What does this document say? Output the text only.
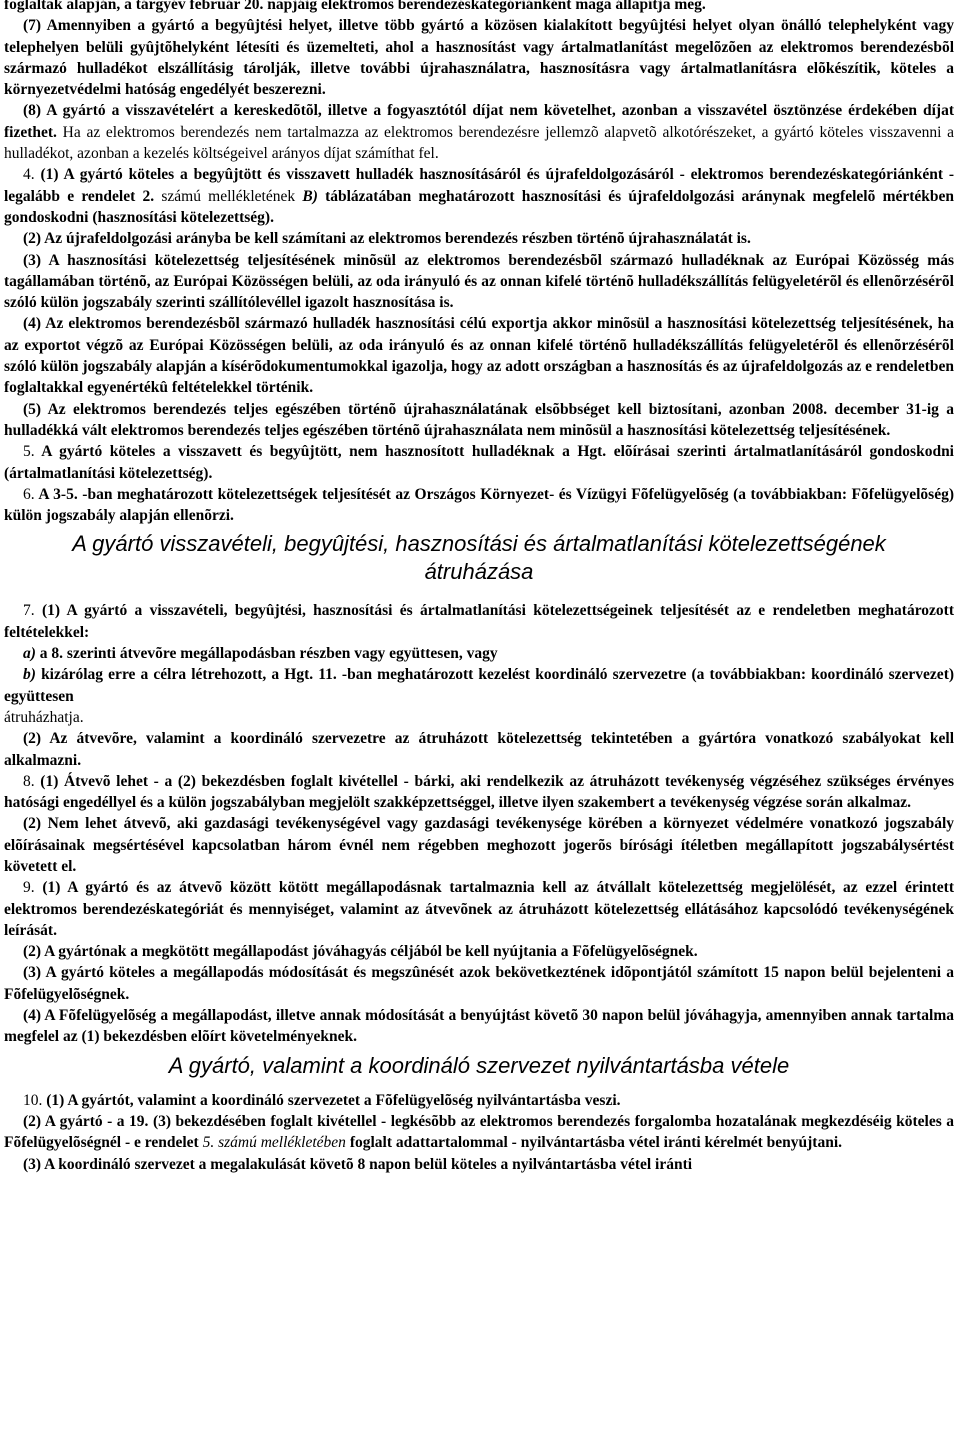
foglaltak alapján, a tárgyév február 20. napjáig elektromos berendezéskategóriánként maga állapítja meg.

(7) Amennyiben a gyártó a begyûjtési helyet, illetve több gyártó a közösen kialakított begyûjtési helyet olyan önálló telephelyként vagy telephelyen belüli gyûjtõhelyként létesíti és üzemelteti, ahol a hasznosítást vagy ártalmatlanítást megelõzõen az elektromos berendezésbõl származó hulladékot elszállításig tárolják, illetve további újrahasználatra, hasznosításra vagy ártalmatlanításra elõkészítik, köteles a környezetvédelmi hatóság engedélyét beszerezni.

(8) A gyártó a visszavételért a kereskedõtõl, illetve a fogyasztótól díjat nem követelhet, azonban a visszavétel ösztönzése érdekében díjat fizethet. Ha az elektromos berendezés nem tartalmazza az elektromos berendezésre jellemzõ alapvetõ alkotórészeket, a gyártó köteles visszavenni a hulladékot, azonban a kezelés költségeivel arányos díjat számíthat fel.

4. (1) A gyártó köteles a begyûjtött és visszavett hulladék hasznosításáról és újrafeldolgozásáról - elektromos berendezéskategóriánként - legalább e rendelet 2. számú mellékletének B) táblázatában meghatározott hasznosítási és újrafeldolgozási aránynak megfelelõ mértékben gondoskodni (hasznosítási kötelezettség).

(2) Az újrafeldolgozási arányba be kell számítani az elektromos berendezés részben történõ újrahasználatát is.

(3) A hasznosítási kötelezettség teljesítésének minõsül az elektromos berendezésbõl származó hulladéknak az Európai Közösség más tagállamában történõ, az Európai Közösségen belüli, az oda irányuló és az onnan kifelé történõ hulladékszállítás felügyeletérõl és ellenõrzésérõl szóló külön jogszabály szerinti szállítólevéllel igazolt hasznosítása is.

(4) Az elektromos berendezésbõl származó hulladék hasznosítási célú exportja akkor minõsül a hasznosítási kötelezettség teljesítésének, ha az exportot végzõ az Európai Közösségen belüli, az oda irányuló és az onnan kifelé történõ hulladékszállítás felügyeletérõl és ellenõrzésérõl szóló külön jogszabály alapján a kísérõdokumentumokkal igazolja, hogy az adott országban a hasznosítás és az újrafeldolgozás az e rendeletben foglaltakkal egyenértékû feltételekkel történik.

(5) Az elektromos berendezés teljes egészében történõ újrahasználatának elsõbbséget kell biztosítani, azonban 2008. december 31-ig a hulladékká vált elektromos berendezés teljes egészében történõ újrahasználata nem minõsül a hasznosítási kötelezettség teljesítésének.

5. A gyártó köteles a visszavett és begyûjtött, nem hasznosított hulladéknak a Hgt. elõírásai szerinti ártalmatlanításáról gondoskodni (ártalmatlanítási kötelezettség).

6. A 3-5. -ban meghatározott kötelezettségek teljesítését az Országos Környezet- és Vízügyi Fõfelügyelõség (a továbbiakban: Fõfelügyelõség) külön jogszabály alapján ellenõrzi.

A gyártó visszavételi, begyûjtési, hasznosítási és ártalmatlanítási kötelezettségének átruházása

7. (1) A gyártó a visszavételi, begyûjtési, hasznosítási és ártalmatlanítási kötelezettségeinek teljesítését az e rendeletben meghatározott feltételekkel:

a) a 8. szerinti átvevõre megállapodásban részben vagy együttesen, vagy

b) kizárólag erre a célra létrehozott, a Hgt. 11. -ban meghatározott kezelést koordináló szervezetre (a továbbiakban: koordináló szervezet) együttesen

átruházhatja.

(2) Az átvevõre, valamint a koordináló szervezetre az átruházott kötelezettség tekintetében a gyártóra vonatkozó szabályokat kell alkalmazni.

8. (1) Átvevõ lehet - a (2) bekezdésben foglalt kivétellel - bárki, aki rendelkezik az átruházott tevékenység végzéséhez szükséges érvényes hatósági engedéllyel és a külön jogszabályban megjelölt szakképzettséggel, illetve ilyen szakembert a tevékenység végzése során alkalmaz.

(2) Nem lehet átvevõ, aki gazdasági tevékenységével vagy gazdasági tevékenysége körében a környezet védelmére vonatkozó jogszabály elõírásainak megsértésével kapcsolatban három évnél nem régebben meghozott jogerõs bírósági ítéletben megállapított jogszabálysértést követett el.

9. (1) A gyártó és az átvevõ között kötött megállapodásnak tartalmaznia kell az átvállalt kötelezettség megjelölését, az ezzel érintett elektromos berendezéskategóriát és mennyiséget, valamint az átvevõnek az átruházott kötelezettség ellátásához kapcsolódó tevékenységének leírását.

(2) A gyártónak a megkötött megállapodást jóváhagyás céljából be kell nyújtania a Fõfelügyelõségnek.

(3) A gyártó köteles a megállapodás módosítását és megszûnését azok bekövetkeztének idõpontjától számított 15 napon belül bejelenteni a Fõfelügyelõségnek.

(4) A Fõfelügyelõség a megállapodást, illetve annak módosítását a benyújtást követõ 30 napon belül jóváhagyja, amennyiben annak tartalma megfelel az (1) bekezdésben elõírt követelményeknek.

A gyártó, valamint a koordináló szervezet nyilvántartásba vétele

10. (1) A gyártót, valamint a koordináló szervezetet a Fõfelügyelõség nyilvántartásba veszi.

(2) A gyártó - a 19. (3) bekezdésében foglalt kivétellel - legkésõbb az elektromos berendezés forgalomba hozatalának megkezdéséig köteles a Fõfelügyelõségnél - e rendelet 5. számú mellékletében foglalt adattartalommal - nyilvántartásba vétel iránti kérelmét benyújtani.

(3) A koordináló szervezet a megalakulását követõ 8 napon belül köteles a nyilvántartásba vétel iránti
